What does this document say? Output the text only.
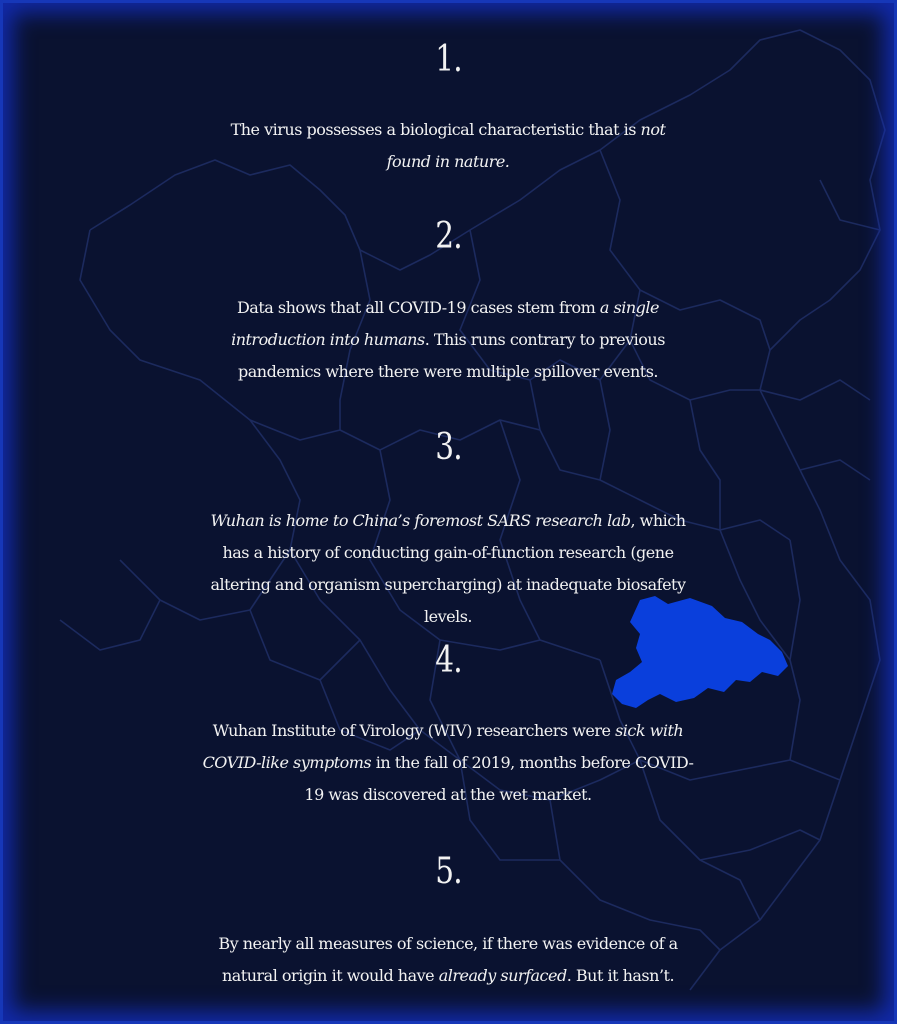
1.
The virus possesses a biological characteristic that is not found in nature.
2.
Data shows that all COVID-19 cases stem from a single introduction into humans. This runs contrary to previous pandemics where there were multiple spillover events.
3.
Wuhan is home to China’s foremost SARS research lab, which has a history of conducting gain-of-function research (gene altering and organism supercharging) at inadequate biosafety levels.
4.
Wuhan Institute of Virology (WIV) researchers were sick with COVID-like symptoms in the fall of 2019, months before COVID-19 was discovered at the wet market.
5.
By nearly all measures of science, if there was evidence of a natural origin it would have already surfaced. But it hasn’t.
